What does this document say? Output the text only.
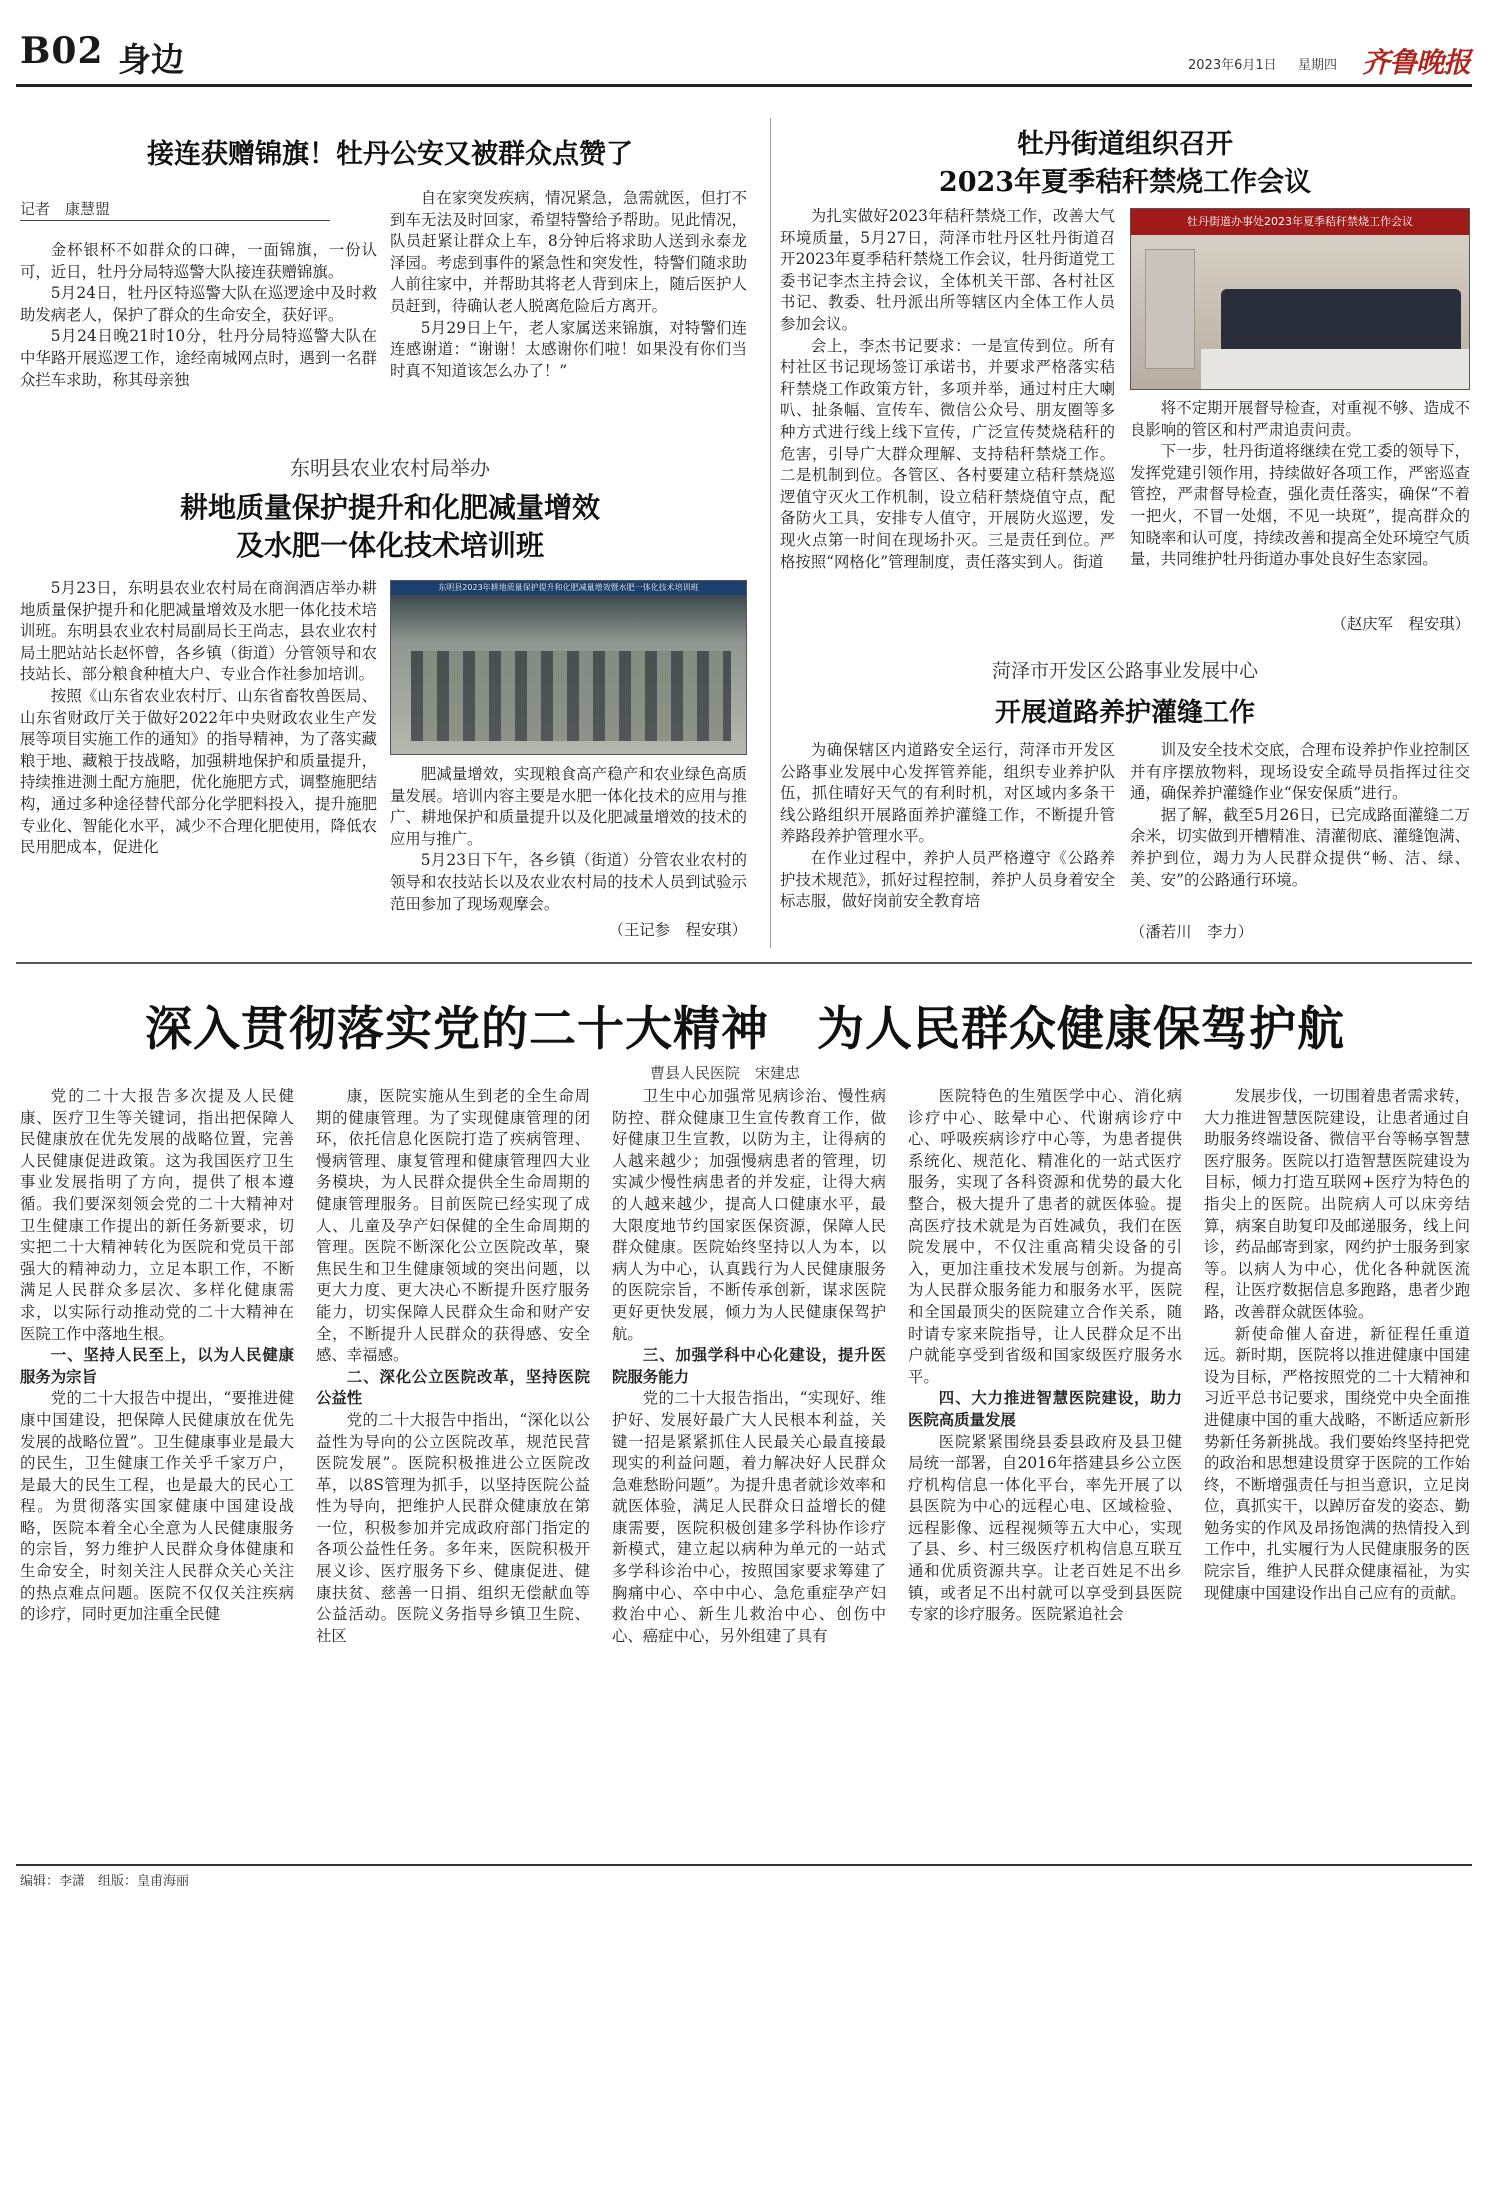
B02 身边	2023年6月1日 星期四 齐鲁晚报
接连获赠锦旗！牡丹公安又被群众点赞了
记者　康慧盟

金杯银杯不如群众的口碑，一面锦旗，一份认可，近日，牡丹分局特巡警大队接连获赠锦旗。

5月24日，牡丹区特巡警大队在巡逻途中及时救助发病老人，保护了群众的生命安全，获好评。

5月24日晚21时10分，牡丹分局特巡警大队在中华路开展巡逻工作，途经南城网点时，遇到一名群众拦车求助，称其母亲独

自在家突发疾病，情况紧急，急需就医，但打不到车无法及时回家，希望特警给予帮助。见此情况，队员赶紧让群众上车，8分钟后将求助人送到永泰龙泽园。考虑到事件的紧急性和突发性，特警们随求助人前往家中，并帮助其将老人背到床上，随后医护人员赶到，待确认老人脱离危险后方离开。

5月29日上午，老人家属送来锦旗，对特警们连连感谢道：“谢谢！太感谢你们啦！如果没有你们当时真不知道该怎么办了！”

东明县农业农村局举办
耕地质量保护提升和化肥减量增效
及水肥一体化技术培训班

5月23日，东明县农业农村局在商润酒店举办耕地质量保护提升和化肥减量增效及水肥一体化技术培训班。东明县农业农村局副局长王尚志，县农业农村局土肥站站长赵怀曾，各乡镇（街道）分管领导和农技站长、部分粮食种植大户、专业合作社参加培训。

按照《山东省农业农村厅、山东省畜牧兽医局、山东省财政厅关于做好2022年中央财政农业生产发展等项目实施工作的通知》的指导精神，为了落实藏粮于地、藏粮于技战略，加强耕地保护和质量提升，持续推进测土配方施肥，优化施肥方式，调整施肥结构，通过多种途径替代部分化学肥料投入，提升施肥专业化、智能化水平，减少不合理化肥使用，降低农民用肥成本，促进化

东明县2023年耕地质量保护提升和化肥减量增效暨水肥一体化技术培训班

肥减量增效，实现粮食高产稳产和农业绿色高质量发展。培训内容主要是水肥一体化技术的应用与推广、耕地保护和质量提升以及化肥减量增效的技术的应用与推广。

5月23日下午，各乡镇（街道）分管农业农村的领导和农技站长以及农业农村局的技术人员到试验示范田参加了现场观摩会。

（王记参　程安琪）
牡丹街道组织召开
2023年夏季秸秆禁烧工作会议

为扎实做好2023年秸秆禁烧工作，改善大气环境质量，5月27日，菏泽市牡丹区牡丹街道召开2023年夏季秸秆禁烧工作会议，牡丹街道党工委书记李杰主持会议，全体机关干部、各村社区书记、教委、牡丹派出所等辖区内全体工作人员参加会议。

会上，李杰书记要求：一是宣传到位。所有村社区书记现场签订承诺书，并要求严格落实秸秆禁烧工作政策方针，多项并举，通过村庄大喇叭、扯条幅、宣传车、微信公众号、朋友圈等多种方式进行线上线下宣传，广泛宣传焚烧秸秆的危害，引导广大群众理解、支持秸秆禁烧工作。二是机制到位。各管区、各村要建立秸秆禁烧巡逻值守灭火工作机制，设立秸秆禁烧值守点，配备防火工具，安排专人值守，开展防火巡逻，发现火点第一时间在现场扑灭。三是责任到位。严格按照“网格化”管理制度，责任落实到人。街道

牡丹街道办事处2023年夏季秸秆禁烧工作会议

将不定期开展督导检查，对重视不够、造成不良影响的管区和村严肃追责问责。

下一步，牡丹街道将继续在党工委的领导下，发挥党建引领作用，持续做好各项工作，严密巡查管控，严肃督导检查，强化责任落实，确保“不着一把火，不冒一处烟，不见一块斑”，提高群众的知晓率和认可度，持续改善和提高全处环境空气质量，共同维护牡丹街道办事处良好生态家园。

（赵庆军　程安琪）
菏泽市开发区公路事业发展中心
开展道路养护灌缝工作

为确保辖区内道路安全运行，菏泽市开发区公路事业发展中心发挥管养能，组织专业养护队伍，抓住晴好天气的有利时机，对区域内多条干线公路组织开展路面养护灌缝工作，不断提升管养路段养护管理水平。

在作业过程中，养护人员严格遵守《公路养护技术规范》，抓好过程控制，养护人员身着安全标志服，做好岗前安全教育培

训及安全技术交底，合理布设养护作业控制区并有序摆放物料，现场设安全疏导员指挥过往交通，确保养护灌缝作业“保安保质”进行。

据了解，截至5月26日，已完成路面灌缝二万余米，切实做到开槽精准、清灌彻底、灌缝饱满、养护到位，竭力为人民群众提供“畅、洁、绿、美、安”的公路通行环境。

（潘若川　李力）
深入贯彻落实党的二十大精神　为人民群众健康保驾护航
曹县人民医院　宋建忠

党的二十大报告多次提及人民健康、医疗卫生等关键词，指出把保障人民健康放在优先发展的战略位置，完善人民健康促进政策。这为我国医疗卫生事业发展指明了方向，提供了根本遵循。我们要深刻领会党的二十大精神对卫生健康工作提出的新任务新要求，切实把二十大精神转化为医院和党员干部强大的精神动力，立足本职工作，不断满足人民群众多层次、多样化健康需求，以实际行动推动党的二十大精神在医院工作中落地生根。

一、坚持人民至上，以为人民健康服务为宗旨

党的二十大报告中提出，“要推进健康中国建设，把保障人民健康放在优先发展的战略位置”。卫生健康事业是最大的民生，卫生健康工作关乎千家万户，是最大的民生工程，也是最大的民心工程。为贯彻落实国家健康中国建设战略，医院本着全心全意为人民健康服务的宗旨，努力维护人民群众身体健康和生命安全，时刻关注人民群众关心关注的热点难点问题。医院不仅仅关注疾病的诊疗，同时更加注重全民健

康，医院实施从生到老的全生命周期的健康管理。为了实现健康管理的闭环，依托信息化医院打造了疾病管理、慢病管理、康复管理和健康管理四大业务模块，为人民群众提供全生命周期的健康管理服务。目前医院已经实现了成人、儿童及孕产妇保健的全生命周期的管理。医院不断深化公立医院改革，聚焦民生和卫生健康领域的突出问题，以更大力度、更大决心不断提升医疗服务能力，切实保障人民群众生命和财产安全，不断提升人民群众的获得感、安全感、幸福感。

二、深化公立医院改革，坚持医院公益性

党的二十大报告中指出，“深化以公益性为导向的公立医院改革，规范民营医院发展”。医院积极推进公立医院改革，以8S管理为抓手，以坚持医院公益性为导向，把维护人民群众健康放在第一位，积极参加并完成政府部门指定的各项公益性任务。多年来，医院积极开展义诊、医疗服务下乡、健康促进、健康扶贫、慈善一日捐、组织无偿献血等公益活动。医院义务指导乡镇卫生院、社区

卫生中心加强常见病诊治、慢性病防控、群众健康卫生宣传教育工作，做好健康卫生宣教，以防为主，让得病的人越来越少；加强慢病患者的管理，切实减少慢性病患者的并发症，让得大病的人越来越少，提高人口健康水平，最大限度地节约国家医保资源，保障人民群众健康。医院始终坚持以人为本，以病人为中心，认真践行为人民健康服务的医院宗旨，不断传承创新，谋求医院更好更快发展，倾力为人民健康保驾护航。

三、加强学科中心化建设，提升医院服务能力

党的二十大报告指出，“实现好、维护好、发展好最广大人民根本利益，关键一招是紧紧抓住人民最关心最直接最现实的利益问题，着力解决好人民群众急难愁盼问题”。为提升患者就诊效率和就医体验，满足人民群众日益增长的健康需要，医院积极创建多学科协作诊疗新模式，建立起以病种为单元的一站式多学科诊治中心，按照国家要求筹建了胸痛中心、卒中中心、急危重症孕产妇救治中心、新生儿救治中心、创伤中心、癌症中心，另外组建了具有

医院特色的生殖医学中心、消化病诊疗中心、眩晕中心、代谢病诊疗中心、呼吸疾病诊疗中心等，为患者提供系统化、规范化、精准化的一站式医疗服务，实现了各科资源和优势的最大化整合，极大提升了患者的就医体验。提高医疗技术就是为百姓减负，我们在医院发展中，不仅注重高精尖设备的引入，更加注重技术发展与创新。为提高为人民群众服务能力和服务水平，医院和全国最顶尖的医院建立合作关系，随时请专家来院指导，让人民群众足不出户就能享受到省级和国家级医疗服务水平。

四、大力推进智慧医院建设，助力医院高质量发展

医院紧紧围绕县委县政府及县卫健局统一部署，自2016年搭建县乡公立医疗机构信息一体化平台，率先开展了以县医院为中心的远程心电、区域检验、远程影像、远程视频等五大中心，实现了县、乡、村三级医疗机构信息互联互通和优质资源共享。让老百姓足不出乡镇，或者足不出村就可以享受到县医院专家的诊疗服务。医院紧追社会

发展步伐，一切围着患者需求转，大力推进智慧医院建设，让患者通过自助服务终端设备、微信平台等畅享智慧医疗服务。医院以打造智慧医院建设为目标，倾力打造互联网+医疗为特色的指尖上的医院。出院病人可以床旁结算，病案自助复印及邮递服务，线上问诊，药品邮寄到家，网约护士服务到家等。以病人为中心，优化各种就医流程，让医疗数据信息多跑路，患者少跑路，改善群众就医体验。

新使命催人奋进，新征程任重道远。新时期，医院将以推进健康中国建设为目标，严格按照党的二十大精神和习近平总书记要求，围绕党中央全面推进健康中国的重大战略，不断适应新形势新任务新挑战。我们要始终坚持把党的政治和思想建设贯穿于医院的工作始终，不断增强责任与担当意识，立足岗位，真抓实干，以踔厉奋发的姿态、勤勉务实的作风及昂扬饱满的热情投入到工作中，扎实履行为人民健康服务的医院宗旨，维护人民群众健康福祉，为实现健康中国建设作出自己应有的贡献。

编辑：李潇　组版：皇甫海丽
